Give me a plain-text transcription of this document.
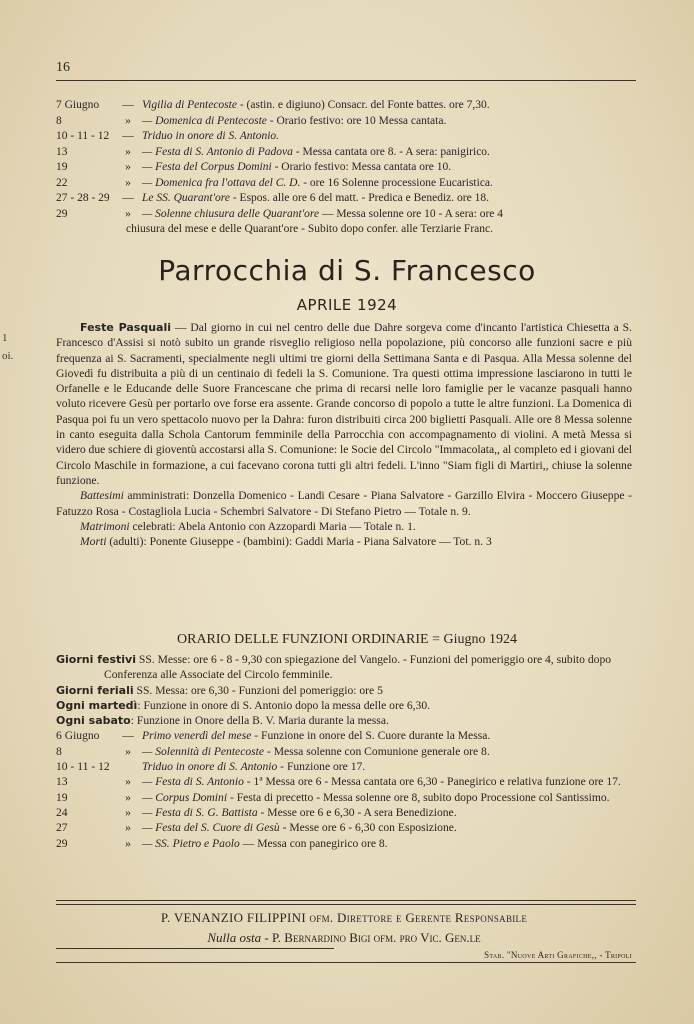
1
oi.
16
7 Giugno	— Vigilia di Pentecoste - (astin. e digiuno) Consacr. del Fonte battes. ore 7,30.
8	» — Domenica di Pentecoste - Orario festivo: ore 10 Messa cantata.
10 - 11 - 12	— Triduo in onore di S. Antonio.
13	» — Festa di S. Antonio di Padova - Messa cantata ore 8. - A sera: panigirico.
19	» — Festa del Corpus Domini - Orario festivo: Messa cantata ore 10.
22	» — Domenica fra l'ottava del C. D. - ore 16 Solenne processione Eucaristica.
27 - 28 - 29	— Le SS. Quarant'ore - Espos. alle ore 6 del matt. - Predica e Benediz. ore 18.
29	» — Solenne chiusura delle Quarant'ore — Messa solenne ore 10 - A sera: ore 4
chiusura del mese e delle Quarant'ore - Subito dopo confer. alle Terziarie Franc.
Parrocchia di S. Francesco
APRILE 1924

Feste Pasquali — Dal giorno in cui nel centro delle due Dahre sorgeva come d'incanto l'artistica Chiesetta a S. Francesco d'Assisi si notò subito un grande risveglio religioso nella popolazione, più concorso alle funzioni sacre e più frequenza ai S. Sacramenti, specialmente negli ultimi tre giorni della Settimana Santa e di Pasqua. Alla Messa solenne del Giovedì fu distribuita a più di un centinaio di fedeli la S. Comunione. Tra questi ottima impressione lasciarono in tutti le Orfanelle e le Educande delle Suore Francescane che prima di recarsi nelle loro famiglie per le vacanze pasquali hanno voluto ricevere Gesù per portarlo ove forse era assente. Grande concorso di popolo a tutte le altre funzioni. La Domenica di Pasqua poi fu un vero spettacolo nuovo per la Dahra: furon distribuiti circa 200 biglietti Pasquali. Alle ore 8 Messa solenne in canto eseguita dalla Schola Cantorum femminile della Parrocchia con accompagnamento di violini. A metà Messa si videro due schiere di gioventù accostarsi alla S. Comunione: le Socie del Circolo "Immacolata,, al completo ed i giovani del Circolo Maschile in formazione, a cui facevano corona tutti gli altri fedeli. L'inno "Siam figli di Martiri,, chiuse la solenne funzione.

Battesimi amministrati: Donzella Domenico - Landi Cesare - Piana Salvatore - Garzillo Elvira - Moccero Giuseppe - Fatuzzo Rosa - Costagliola Lucia - Schembri Salvatore - Di Stefano Pietro — Totale n. 9.

Matrimoni celebrati: Abela Antonio con Azzopardi Maria — Totale n. 1.

Morti (adulti): Ponente Giuseppe - (bambini): Gaddi Maria - Piana Salvatore — Tot. n. 3

ORARIO DELLE FUNZIONI ORDINARIE = Giugno 1924

Giorni festivi SS. Messe: ore 6 - 8 - 9,30 con spiegazione del Vangelo. - Funzioni del pomeriggio ore 4, subito dopo Conferenza alle Associate del Circolo femminile.

Giorni feriali SS. Messa: ore 6,30 - Funzioni del pomeriggio: ore 5

Ogni martedì: Funzione in onore di S. Antonio dopo la messa delle ore 6,30.

Ogni sabato: Funzione in Onore della B. V. Maria durante la messa.

6 Giugno	— Primo venerdì del mese - Funzione in onore del S. Cuore durante la Messa.
8	» — Solennità di Pentecoste - Messa solenne con Comunione generale ore 8.
10 - 11 - 12	Triduo in onore di S. Antonio - Funzione ore 17.
13	» — Festa di S. Antonio - 1ª Messa ore 6 - Messa cantata ore 6,30 - Panegirico e relativa funzione ore 17.
19	» — Corpus Domini - Festa di precetto - Messa solenne ore 8, subito dopo Processione col Santissimo.
24	» — Festa di S. G. Battista - Messe ore 6 e 6,30 - A sera Benedizione.
27	» — Festa del S. Cuore di Gesù - Messe ore 6 - 6,30 con Esposizione.
29	» — SS. Pietro e Paolo — Messa con panegirico ore 8.
P. VENANZIO FILIPPINI ofm. Direttore e Gerente Responsabile
Nulla osta - P. Bernardino Bigi ofm. pro Vic. Gen.le
Stab. "Nuove Arti Grafiche,, - Tripoli
